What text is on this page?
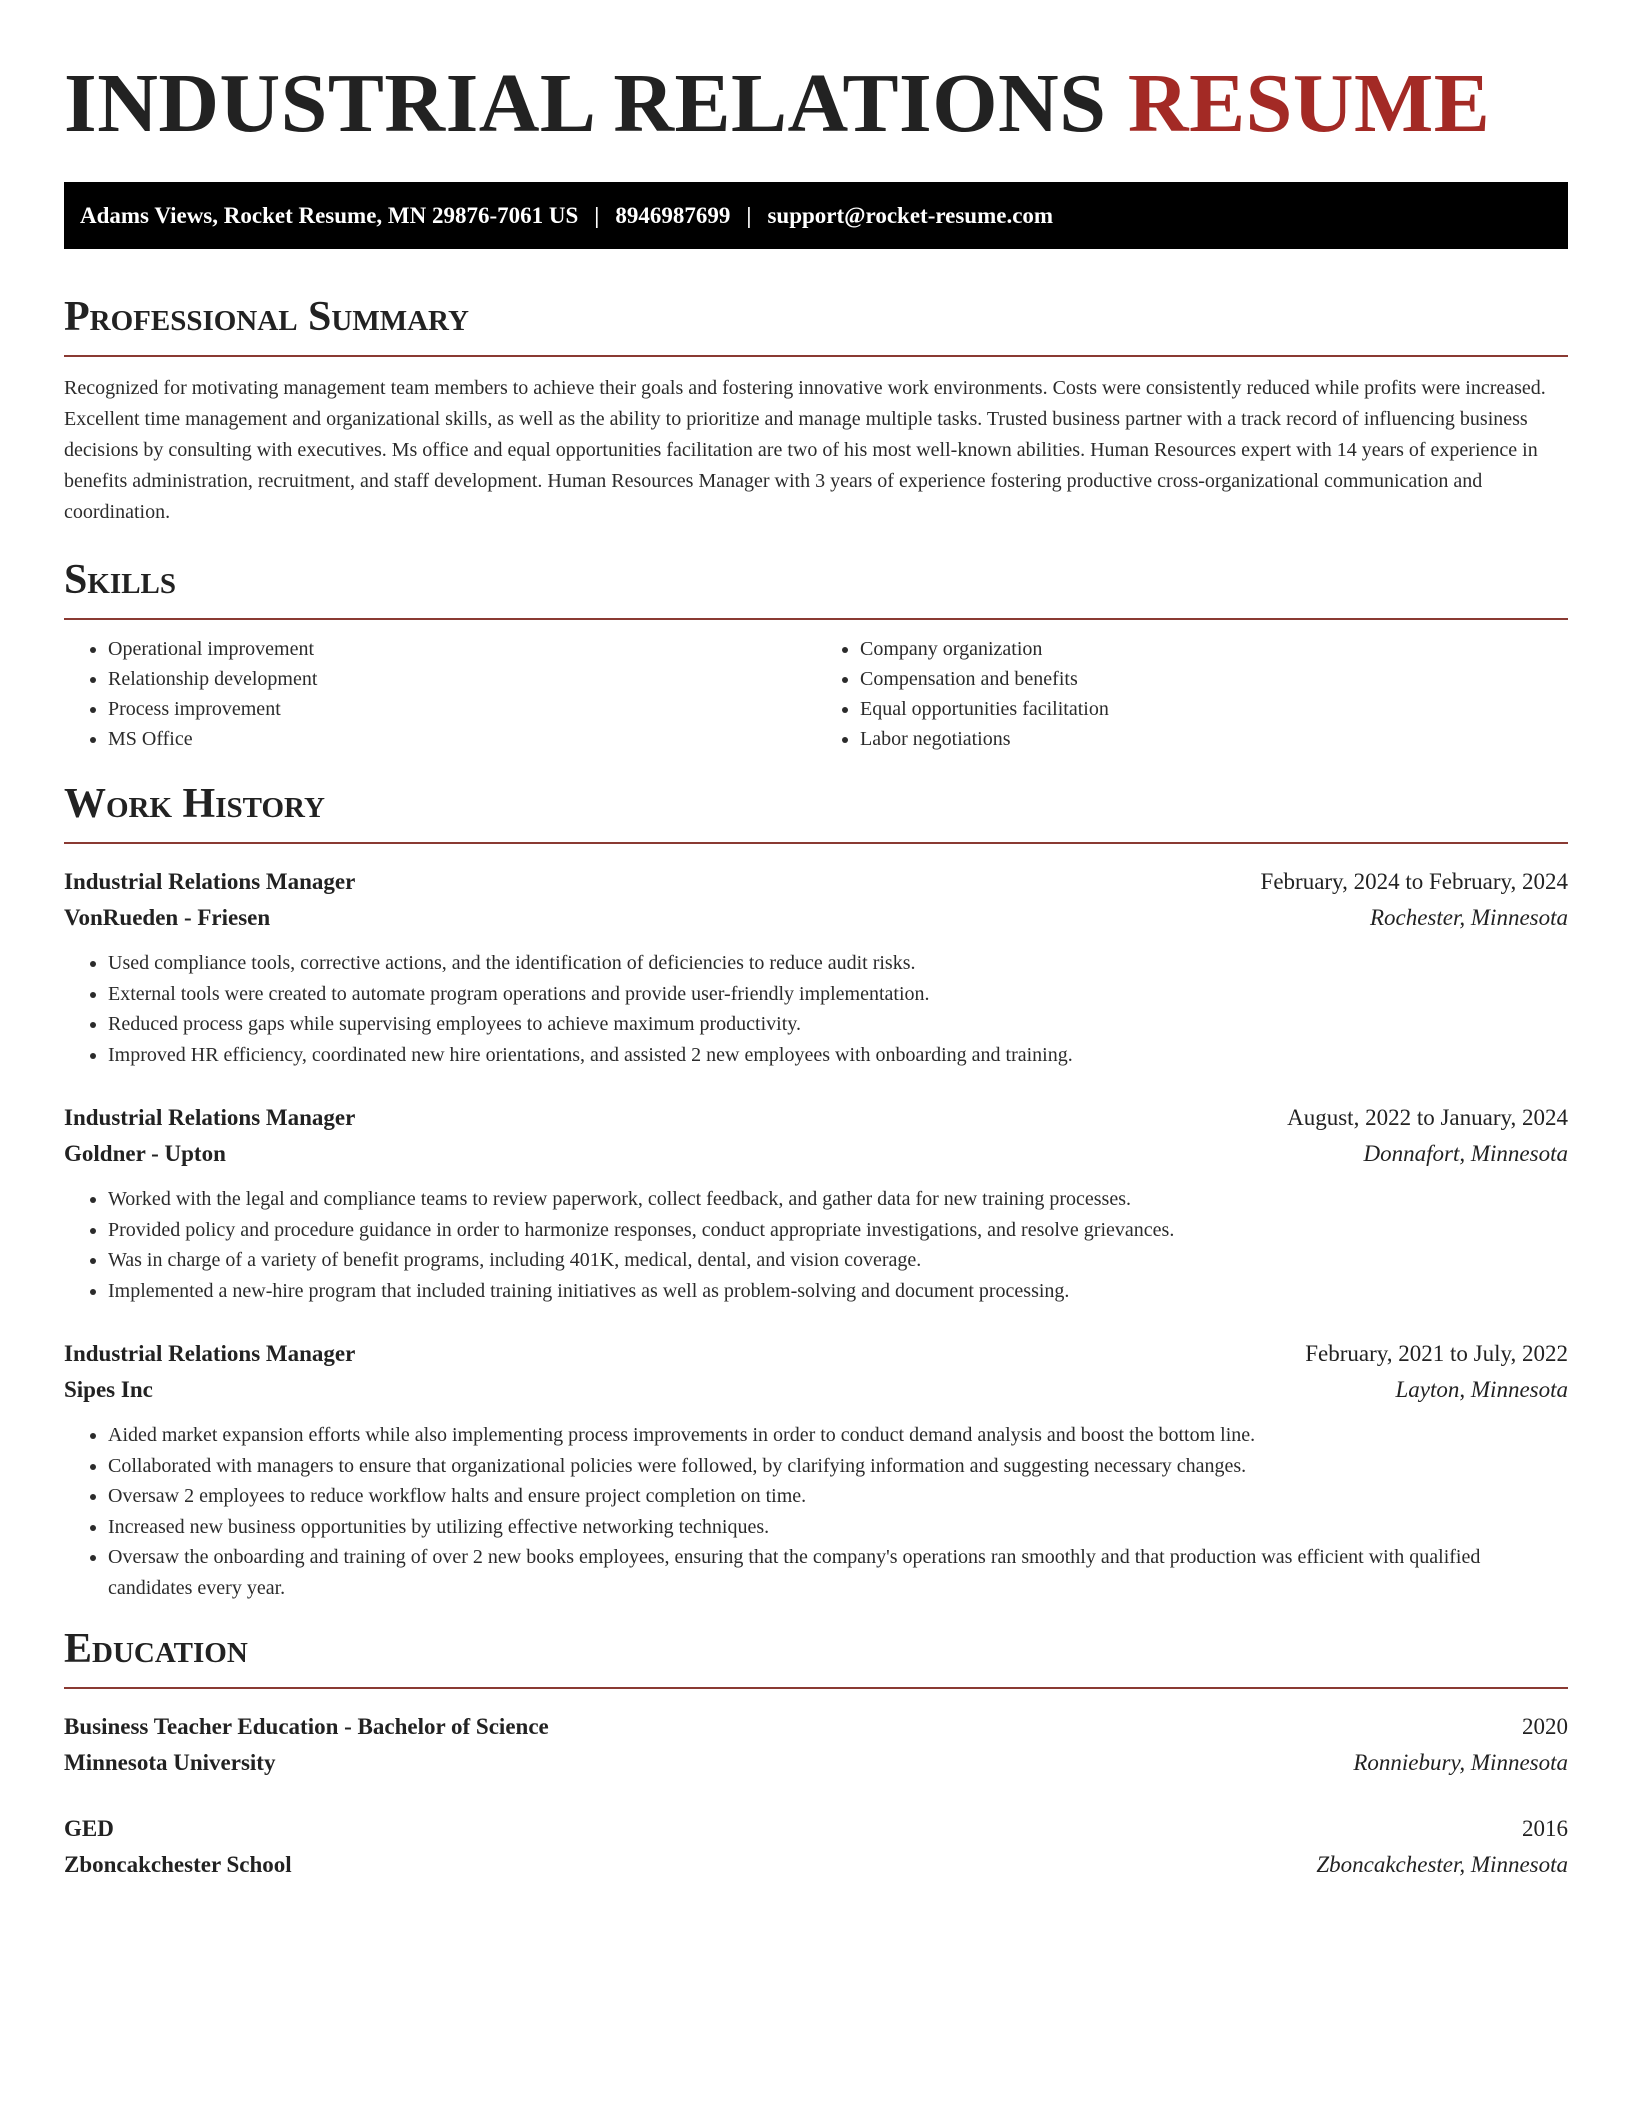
INDUSTRIAL RELATIONS RESUME
Adams Views, Rocket Resume, MN 29876-7061 US | 8946987699 | support@rocket-resume.com
Professional Summary

Recognized for motivating management team members to achieve their goals and fostering innovative work environments. Costs were consistently reduced while profits were increased. Excellent time management and organizational skills, as well as the ability to prioritize and manage multiple tasks. Trusted business partner with a track record of influencing business decisions by consulting with executives. Ms office and equal opportunities facilitation are two of his most well-known abilities. Human Resources expert with 14 years of experience in benefits administration, recruitment, and staff development. Human Resources Manager with 3 years of experience fostering productive cross-organizational communication and coordination.

Skills
• Operational improvement
• Relationship development
• Process improvement
• MS Office
• Company organization
• Compensation and benefits
• Equal opportunities facilitation
• Labor negotiations
Work History
Industrial Relations Manager	February, 2024 to February, 2024
VonRueden - Friesen	Rochester, Minnesota
• Used compliance tools, corrective actions, and the identification of deficiencies to reduce audit risks.
• External tools were created to automate program operations and provide user-friendly implementation.
• Reduced process gaps while supervising employees to achieve maximum productivity.
• Improved HR efficiency, coordinated new hire orientations, and assisted 2 new employees with onboarding and training.
Industrial Relations Manager	August, 2022 to January, 2024
Goldner - Upton	Donnafort, Minnesota
• Worked with the legal and compliance teams to review paperwork, collect feedback, and gather data for new training processes.
• Provided policy and procedure guidance in order to harmonize responses, conduct appropriate investigations, and resolve grievances.
• Was in charge of a variety of benefit programs, including 401K, medical, dental, and vision coverage.
• Implemented a new-hire program that included training initiatives as well as problem-solving and document processing.
Industrial Relations Manager	February, 2021 to July, 2022
Sipes Inc	Layton, Minnesota
• Aided market expansion efforts while also implementing process improvements in order to conduct demand analysis and boost the bottom line.
• Collaborated with managers to ensure that organizational policies were followed, by clarifying information and suggesting necessary changes.
• Oversaw 2 employees to reduce workflow halts and ensure project completion on time.
• Increased new business opportunities by utilizing effective networking techniques.
• Oversaw the onboarding and training of over 2 new books employees, ensuring that the company's operations ran smoothly and that production was efficient with qualified candidates every year.
Education
Business Teacher Education - Bachelor of Science	2020
Minnesota University	Ronniebury, Minnesota
GED	2016
Zboncakchester School	Zboncakchester, Minnesota
